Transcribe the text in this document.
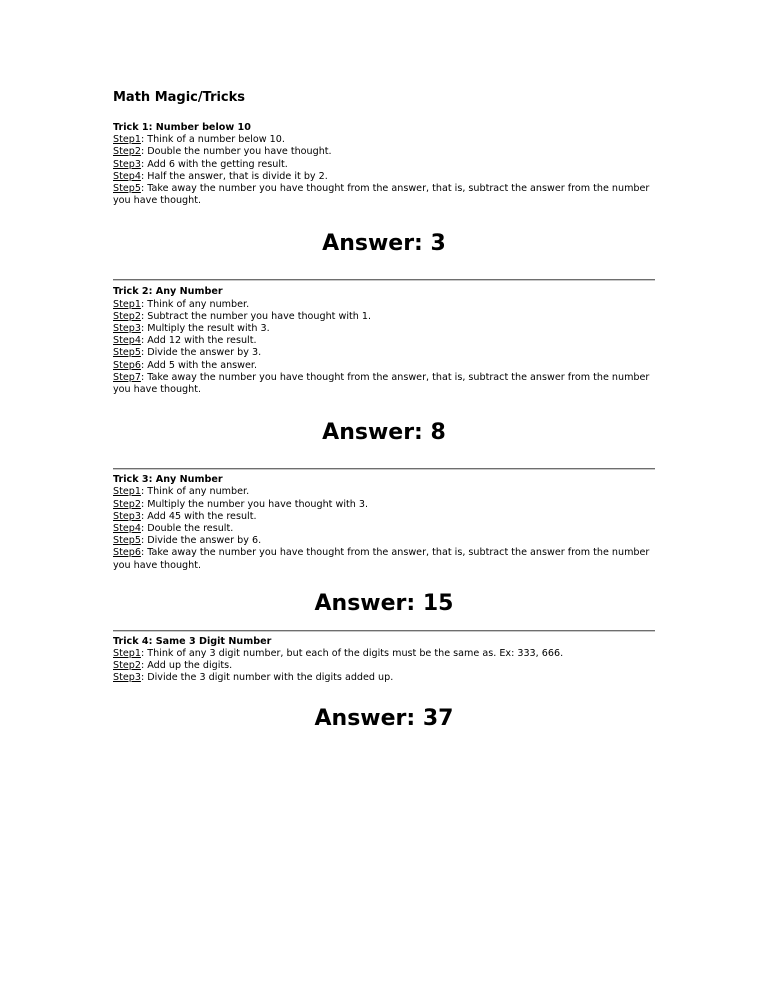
Math Magic/Tricks
Trick 1: Number below 10
Step1: Think of a number below 10.
Step2: Double the number you have thought.
Step3: Add 6 with the getting result.
Step4: Half the answer, that is divide it by 2.
Step5: Take away the number you have thought from the answer, that is, subtract the answer from the number you have thought.
Answer: 3
Trick 2: Any Number
Step1: Think of any number.
Step2: Subtract the number you have thought with 1.
Step3: Multiply the result with 3.
Step4: Add 12 with the result.
Step5: Divide the answer by 3.
Step6: Add 5 with the answer.
Step7: Take away the number you have thought from the answer, that is, subtract the answer from the number you have thought.
Answer: 8
Trick 3: Any Number
Step1: Think of any number.
Step2: Multiply the number you have thought with 3.
Step3: Add 45 with the result.
Step4: Double the result.
Step5: Divide the answer by 6.
Step6: Take away the number you have thought from the answer, that is, subtract the answer from the number you have thought.
Answer: 15
Trick 4: Same 3 Digit Number
Step1: Think of any 3 digit number, but each of the digits must be the same as. Ex: 333, 666.
Step2: Add up the digits.
Step3: Divide the 3 digit number with the digits added up.
Answer: 37
